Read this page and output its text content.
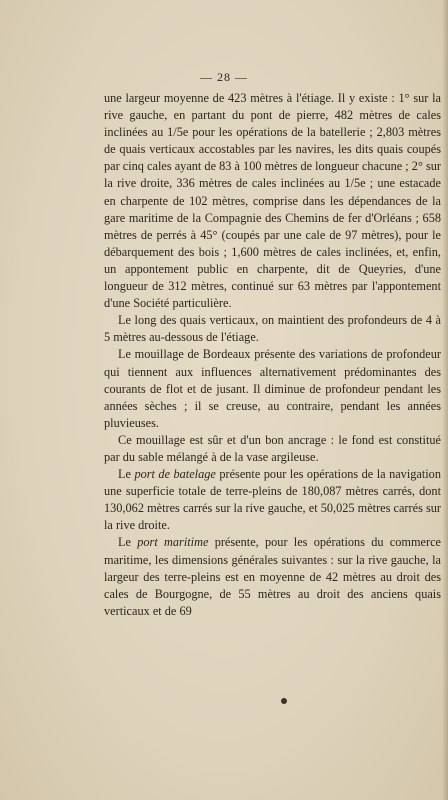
— 28 —

une largeur moyenne de 423 mètres à l'étiage. Il y existe : 1° sur la rive gauche, en partant du pont de pierre, 482 mètres de cales inclinées au 1/5e pour les opérations de la batellerie ; 2,803 mètres de quais verticaux accostables par les navires, les dits quais coupés par cinq cales ayant de 83 à 100 mètres de longueur chacune ; 2° sur la rive droite, 336 mètres de cales inclinées au 1/5e ; une estacade en charpente de 102 mètres, comprise dans les dépendances de la gare maritime de la Compagnie des Chemins de fer d'Orléans ; 658 mètres de perrés à 45° (coupés par une cale de 97 mètres), pour le débarquement des bois ; 1,600 mètres de cales inclinées, et, enfin, un appontement public en charpente, dit de Queyries, d'une longueur de 312 mètres, continué sur 63 mètres par l'appontement d'une Société particulière.

Le long des quais verticaux, on maintient des profondeurs de 4 à 5 mètres au-dessous de l'étiage.

Le mouillage de Bordeaux présente des variations de profondeur qui tiennent aux influences alternativement prédominantes des courants de flot et de jusant. Il diminue de profondeur pendant les années sèches ; il se creuse, au contraire, pendant les années pluvieuses.

Ce mouillage est sûr et d'un bon ancrage : le fond est constitué par du sable mélangé à de la vase argileuse.

Le port de batelage présente pour les opérations de la navigation une superficie totale de terre-pleins de 180,087 mètres carrés, dont 130,062 mètres carrés sur la rive gauche, et 50,025 mètres carrés sur la rive droite.

Le port maritime présente, pour les opérations du commerce maritime, les dimensions générales suivantes : sur la rive gauche, la largeur des terre-pleins est en moyenne de 42 mètres au droit des cales de Bourgogne, de 55 mètres au droit des anciens quais verticaux et de 69
